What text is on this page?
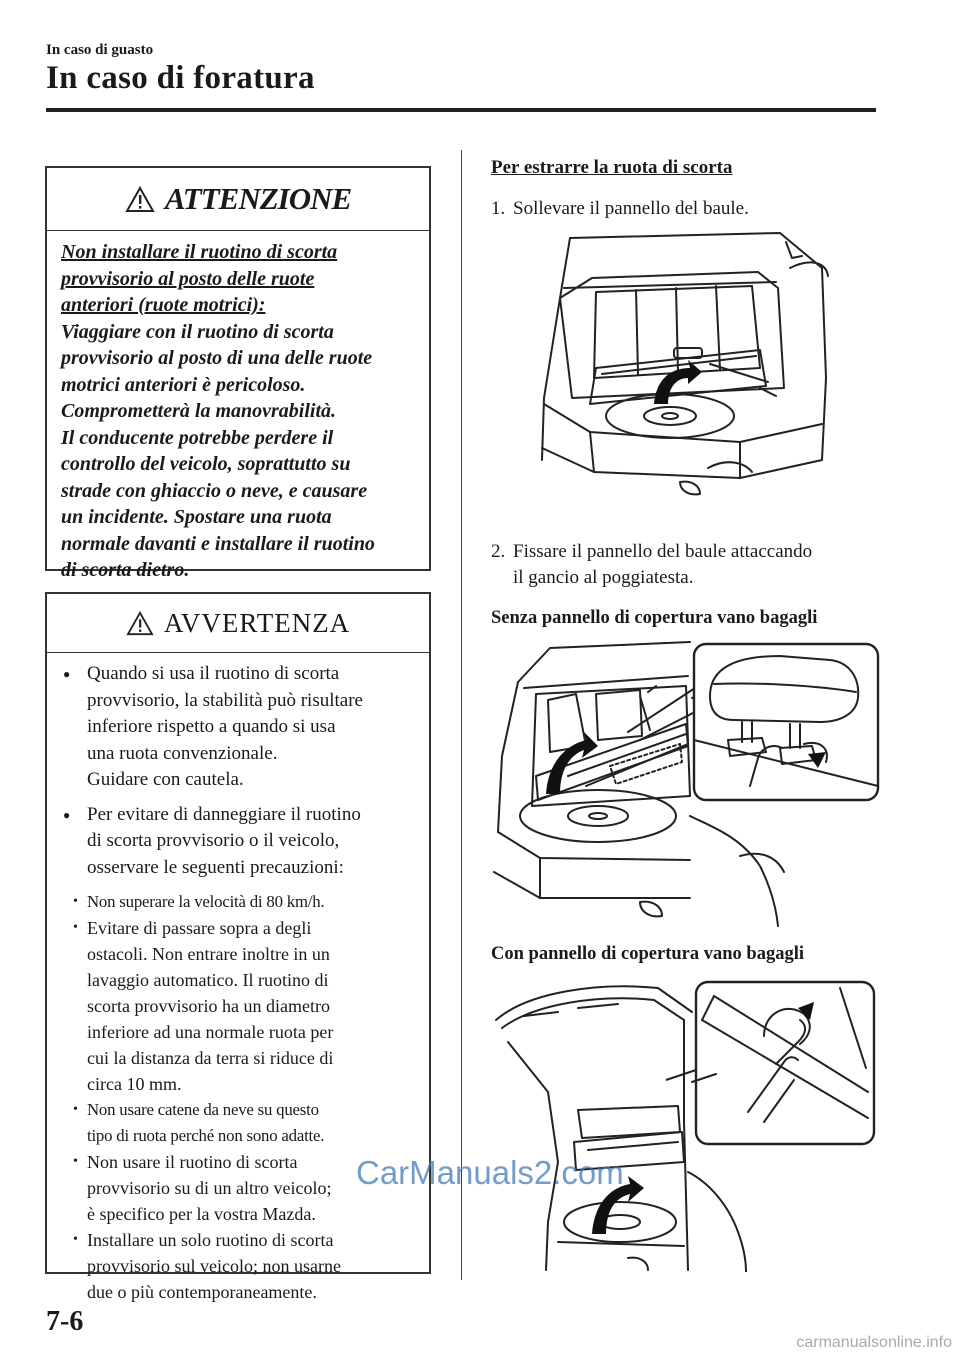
In caso di guasto
In caso di foratura
ATTENZIONE
Non installare il ruotino di scorta
provvisorio al posto delle ruote
anteriori (ruote motrici):
Viaggiare con il ruotino di scorta
provvisorio al posto di una delle ruote
motrici anteriori è pericoloso.
Comprometterà la manovrabilità.
Il conducente potrebbe perdere il
controllo del veicolo, soprattutto su
strade con ghiaccio o neve, e causare
un incidente. Spostare una ruota
normale davanti e installare il ruotino
di scorta dietro.
AVVERTENZA
● Quando si usa il ruotino di scorta
provvisorio, la stabilità può risultare
inferiore rispetto a quando si usa
una ruota convenzionale.
Guidare con cautela.
● Per evitare di danneggiare il ruotino
di scorta provvisorio o il veicolo,
osservare le seguenti precauzioni:
• Non superare la velocità di 80 km/h.
• Evitare di passare sopra a degli
ostacoli. Non entrare inoltre in un
lavaggio automatico. Il ruotino di
scorta provvisorio ha un diametro
inferiore ad una normale ruota per
cui la distanza da terra si riduce di
circa 10 mm.
• Non usare catene da neve su questo
tipo di ruota perché non sono adatte.
• Non usare il ruotino di scorta
provvisorio su di un altro veicolo;
è specifico per la vostra Mazda.
• Installare un solo ruotino di scorta
provvisorio sul veicolo; non usarne
due o più contemporaneamente.
Per estrarre la ruota di scorta
1. Sollevare il pannello del baule.
2. Fissare il pannello del baule attaccando
il gancio al poggiatesta.
Senza pannello di copertura vano bagagli
Con pannello di copertura vano bagagli
CarManuals2.com
7-6
carmanualsonline.info
